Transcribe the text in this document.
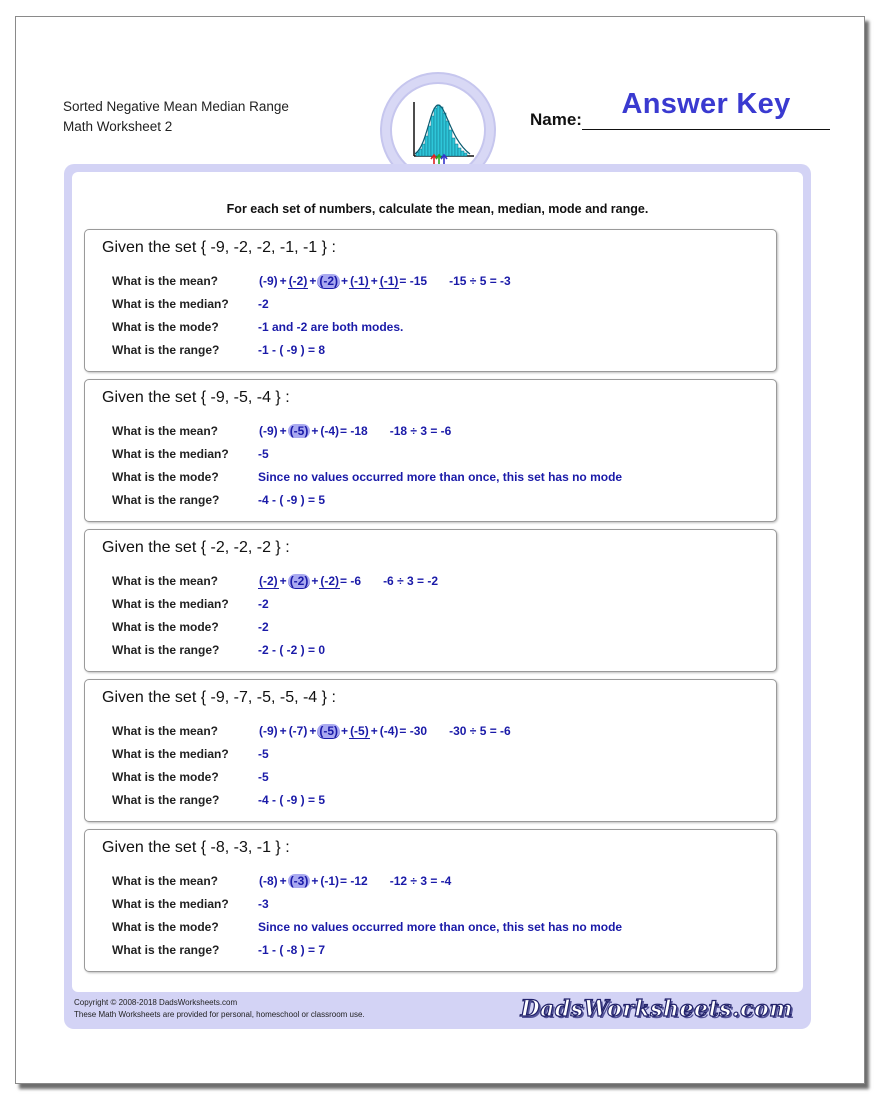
Sorted Negative Mean Median Range
Math Worksheet 2	Name:	Answer Key
For each set of numbers, calculate the mean, median, mode and range.
Given the set { -9, -2, -2, -1, -1 } :
What is the mean?	(-9) + (-2) + (-2) + (-1) + (-1)= -15 -15 ÷ 5 = -3
What is the median? -2
What is the mode?	-1 and -2 are both modes.
What is the range?	-1 - ( -9 ) = 8
Given the set { -9, -5, -4 } :
What is the mean?	(-9) + (-5) + (-4)= -18 -18 ÷ 3 = -6
What is the median? -5
What is the mode?	Since no values occurred more than once, this set has no mode
What is the range?	-4 - ( -9 ) = 5
Given the set { -2, -2, -2 } :
What is the mean?	(-2) + (-2) + (-2)= -6 -6 ÷ 3 = -2
What is the median? -2
What is the mode?	-2
What is the range?	-2 - ( -2 ) = 0
Given the set { -9, -7, -5, -5, -4 } :
What is the mean?	(-9) + (-7) + (-5) + (-5) + (-4)= -30 -30 ÷ 5 = -6
What is the median? -5
What is the mode?	-5
What is the range?	-4 - ( -9 ) = 5
Given the set { -8, -3, -1 } :
What is the mean?	(-8) + (-3) + (-1)= -12 -12 ÷ 3 = -4
What is the median? -3
What is the mode?	Since no values occurred more than once, this set has no mode
What is the range?	-1 - ( -8 ) = 7
Copyright © 2008-2018 DadsWorksheets.com
These Math Worksheets are provided for personal, homeschool or classroom use.	DadsWorksheets.com
